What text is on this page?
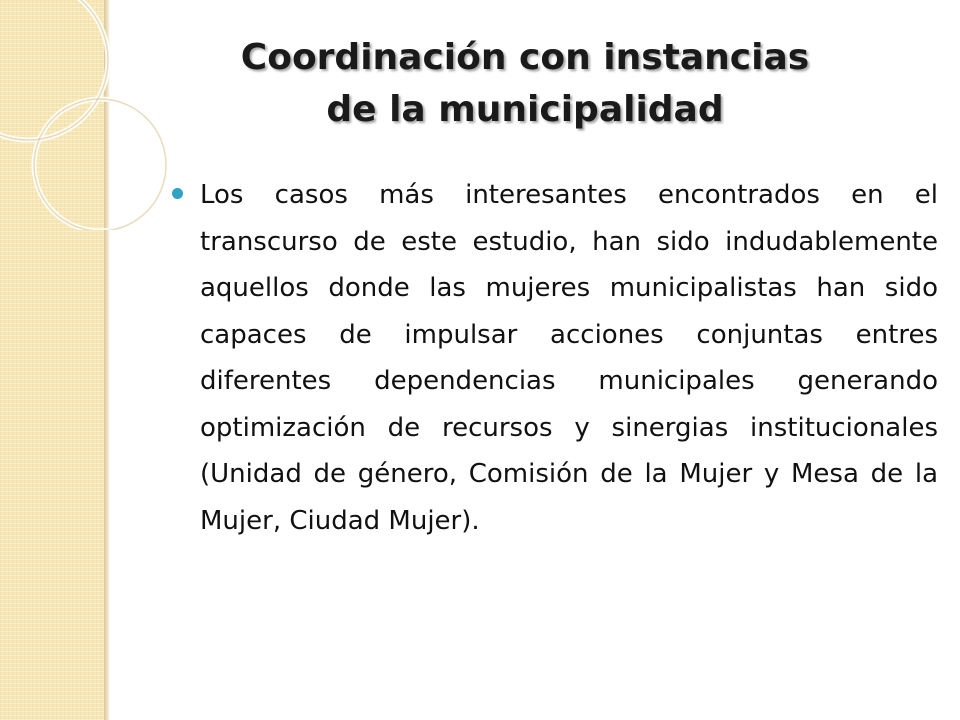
Coordinación con instancias
de la municipalidad
Los casos más interesantes encontrados en el transcurso de este estudio, han sido indudablemente aquellos donde las mujeres municipalistas han sido capaces de impulsar acciones conjuntas entres diferentes dependencias municipales generando optimización de recursos y sinergias institucionales (Unidad de género, Comisión de la Mujer y Mesa de la Mujer, Ciudad Mujer).
